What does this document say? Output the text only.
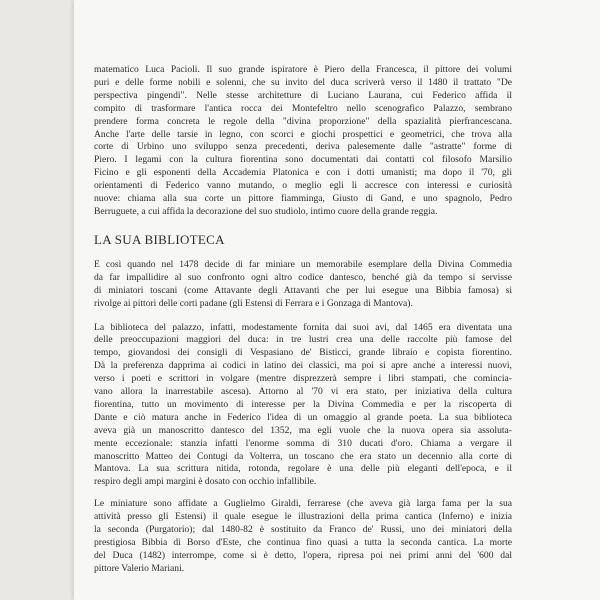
matematico Luca Pacioli. Il suo grande ispiratore è Piero della Francesca, il pittore dei volumi
puri e delle forme nobili e solenni, che su invito del duca scriverà verso il 1480 il trattato "De
perspectiva pingendi". Nelle stesse architetture di Luciano Laurana, cui Federico affida il
compito di trasformare l'antica rocca dei Montefeltro nello scenografico Palazzo, sembrano
prendere forma concreta le regole della "divina proporzione" della spazialità pierfrancescana.
Anche l'arte delle tarsie in legno, con scorci e giochi prospettici e geometrici, che trova alla
corte di Urbino uno sviluppo senza precedenti, deriva palesemente dalle "astratte" forme di
Piero. I legami con la cultura fiorentina sono documentati dai contatti col filosofo Marsilio
Ficino e gli esponenti della Accademia Platonica e con i dotti umanisti; ma dopo il '70, gli
orientamenti di Federico vanno mutando, o meglio egli li accresce con interessi e curiosità
nuove: chiama alla sua corte un pittore fiamminga, Giusto di Gand, e uno spagnolo, Pedro
Berruguete, a cui affida la decorazione del suo studiolo, intimo cuore della grande reggia.
LA SUA BIBLIOTECA
E così quando nel 1478 decide di far miniare un memorabile esemplare della Divina Commedia
da far impallidire al suo confronto ogni altro codice dantesco, benché già da tempo si servisse
di miniatori toscani (come Attavante degli Attavanti che per lui esegue una Bibbia famosa) si
rivolge ai pittori delle corti padane (gli Estensi di Ferrara e i Gonzaga di Mantova).
La biblioteca del palazzo, infatti, modestamente fornita dai suoi avi, dal 1465 era diventata una
delle preoccupazioni maggiori del duca: in tre lustri crea una delle raccolte più famose del
tempo, giovandosi dei consigli di Vespasiano de' Bisticci, grande libraio e copista fiorentino.
Dà la preferenza dapprima ai codici in latino dei classici, ma poi si apre anche a interessi nuovi,
verso i poeti e scrittori in volgare (mentre disprezzerà sempre i libri stampati, che comincia-
vano allora la inarrestabile ascesa). Attorno al '70 vi era stato, per iniziativa della cultura
fiorentina, tutto un movimento di interesse per la Divina Commedia e per la riscoperta di
Dante e ciò matura anche in Federico l'idea di un omaggio al grande poeta. La sua biblioteca
aveva già un manoscritto dantesco del 1352, ma egli vuole che la nuova opera sia assoluta-
mente eccezionale: stanzia infatti l'enorme somma di 310 ducati d'oro. Chiama a vergare il
manoscritto Matteo dei Contugi da Volterra, un toscano che era stato un decennio alla corte di
Mantova. La sua scrittura nitida, rotonda, regolare è una delle più eleganti dell'epoca, e il
respiro degli ampi margini è dosato con occhio infallibile.
Le miniature sono affidate a Guglielmo Giraldi, ferrarese (che aveva già larga fama per la sua
attività presso gli Estensi) il quale esegue le illustrazioni della prima cantica (Inferno) e inizia
la seconda (Purgatorio); dal 1480-82 è sostituito da Franco de' Russi, uno dei miniatori della
prestigiosa Bibbia di Borso d'Este, che continua fino quasi a tutta la seconda cantica. La morte
del Duca (1482) interrompe, come si è detto, l'opera, ripresa poi nei primi anni del '600 dal
pittore Valerio Mariani.
